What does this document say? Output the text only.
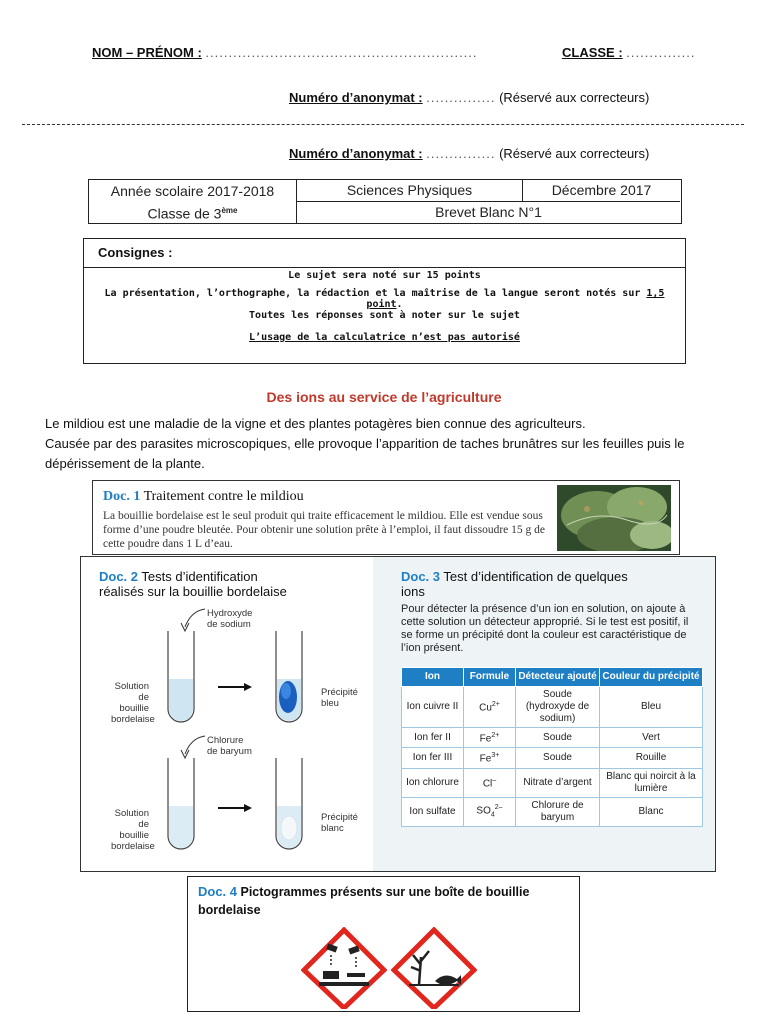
NOM – PRÉNOM : ...........................................................	CLASSE : ...............
Numéro d’anonymat : ............... (Réservé aux correcteurs)
Numéro d’anonymat : ............... (Réservé aux correcteurs)
Année scolaire 2017-2018
Classe de 3ème
Sciences Physiques	Décembre 2017
Brevet Blanc N°1
Consignes :
Le sujet sera noté sur 15 points
La présentation, l’orthographe, la rédaction et la maîtrise de la langue seront notés sur 1,5 point.
Toutes les réponses sont à noter sur le sujet
L’usage de la calculatrice n’est pas autorisé
Des ions au service de l’agriculture
Le mildiou est une maladie de la vigne et des plantes potagères bien connue des agriculteurs.
Causée par des parasites microscopiques, elle provoque l’apparition de taches brunâtres sur les feuilles puis le dépérissement de la plante.
Doc. 1 Traitement contre le mildiou
La bouillie bordelaise est le seul produit qui traite efficacement le mildiou. Elle est vendue sous forme d’une poudre bleutée. Pour obtenir une solution prête à l’emploi, il faut dissoudre 15 g de cette poudre dans 1 L d’eau.
Doc. 2 Tests d’identification
réalisés sur la bouillie bordelaise
Hydroxyde
de sodium
Solution
de bouillie
bordelaise
Précipité
bleu
Chlorure
de baryum
Solution
de bouillie
bordelaise
Précipité
blanc
Doc. 3 Test d’identification de quelques
ions
Pour détecter la présence d’un ion en solution, on ajoute à cette solution un détecteur approprié. Si le test est positif, il se forme un précipité dont la couleur est caractéristique de l’ion présent.
Ion	Formule	Détecteur ajouté	Couleur du précipité
Ion cuivre II	$Cu^{2+}$	Soude (hydroxyde de sodium)	Bleu
Ion fer II	$Fe^{2+}$	Soude	Vert
Ion fer III	$Fe^{3+}$	Soude	Rouille
Ion chlorure	Cl–	Nitrate d’argent	Blanc qui noircit à la lumière
Ion sulfate	$SO_4^{2-}$	Chlorure de baryum	Blanc
Doc. 4 Pictogrammes présents sur une boîte de bouillie
bordelaise
